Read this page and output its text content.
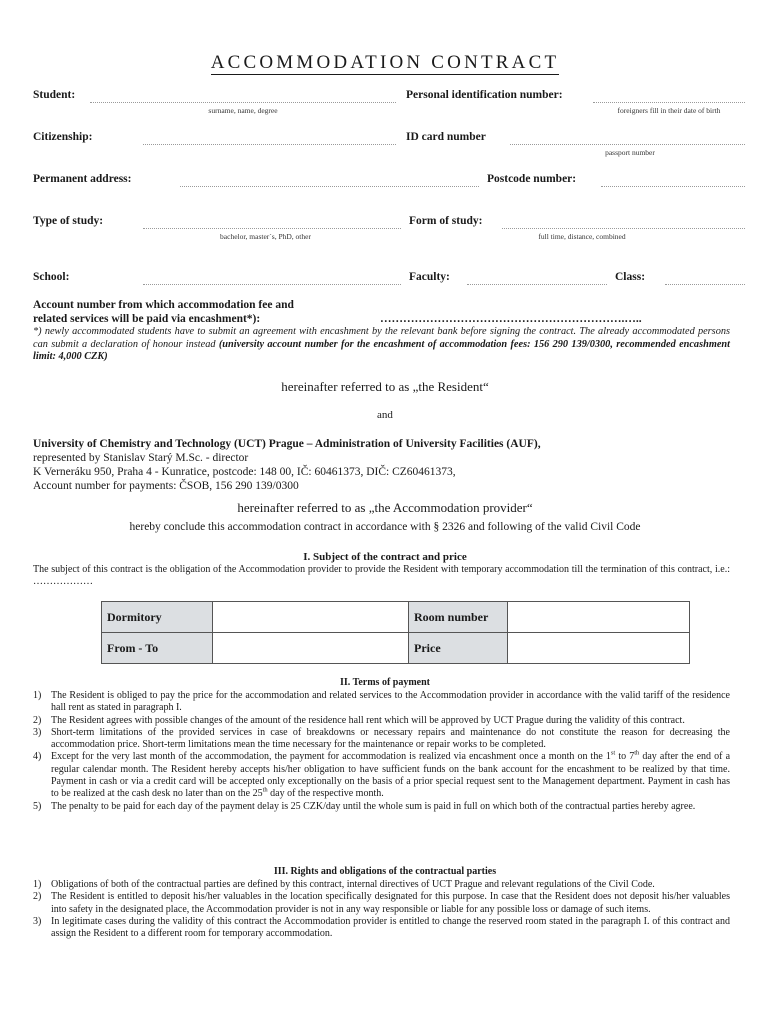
ACCOMMODATION CONTRACT
Student:
surname, name, degree
Personal identification number:
foreigners fill in their date of birth
Citizenship:	ID card number
passport number
Permanent address:	Postcode number:
Type of study:
bachelor, master´s, PhD, other
Form of study:
full time, distance, combined
School:	Faculty:	Class:
Account number from which accommodation fee and
related services will be paid via encashment*):	……………………………………………………….…..
*) newly accommodated students have to submit an agreement with encashment by the relevant bank before signing the contract. The already accommodated persons can submit a declaration of honour instead (university account number for the encashment of accommodation fees: 156 290 139/0300, recommended encashment limit: 4,000 CZK)
hereinafter referred to as „the Resident“
and
University of Chemistry and Technology (UCT) Prague – Administration of University Facilities (AUF),
represented by Stanislav Starý M.Sc. - director
K Verneráku 950, Praha 4 - Kunratice, postcode: 148 00, IČ: 60461373, DIČ: CZ60461373,
Account number for payments: ČSOB, 156 290 139/0300
hereinafter referred to as „the Accommodation provider“
hereby conclude this accommodation contract in accordance with § 2326 and following of the valid Civil Code
I. Subject of the contract and price
The subject of this contract is the obligation of the Accommodation provider to provide the Resident with temporary accommodation till the termination of this contract, i.e.: ………………
Dormitory		Room number	
From - To		Price	
II. Terms of payment
1) The Resident is obliged to pay the price for the accommodation and related services to the Accommodation provider in accordance with the valid tariff of the residence hall rent as stated in paragraph I.
2) The Resident agrees with possible changes of the amount of the residence hall rent which will be approved by UCT Prague during the validity of this contract.
3) Short-term limitations of the provided services in case of breakdowns or necessary repairs and maintenance do not constitute the reason for decreasing the accommodation price. Short-term limitations mean the time necessary for the maintenance or repair works to be completed.
4) Except for the very last month of the accommodation, the payment for accommodation is realized via encashment once a month on the 1st to 7th day after the end of a regular calendar month. The Resident hereby accepts his/her obligation to have sufficient funds on the bank account for the encashment to be realized by that time. Payment in cash or via a credit card will be accepted only exceptionally on the basis of a prior special request sent to the Management department. Payment in cash has to be realized at the cash desk no later than on the 25th day of the respective month.
5) The penalty to be paid for each day of the payment delay is 25 CZK/day until the whole sum is paid in full on which both of the contractual parties hereby agree.
III. Rights and obligations of the contractual parties
1) Obligations of both of the contractual parties are defined by this contract, internal directives of UCT Prague and relevant regulations of the Civil Code.
2) The Resident is entitled to deposit his/her valuables in the location specifically designated for this purpose. In case that the Resident does not deposit his/her valuables into safety in the designated place, the Accommodation provider is not in any way responsible or liable for any possible loss or damage of such items.
3) In legitimate cases during the validity of this contract the Accommodation provider is entitled to change the reserved room stated in the paragraph I. of this contract and assign the Resident to a different room for temporary accommodation.
